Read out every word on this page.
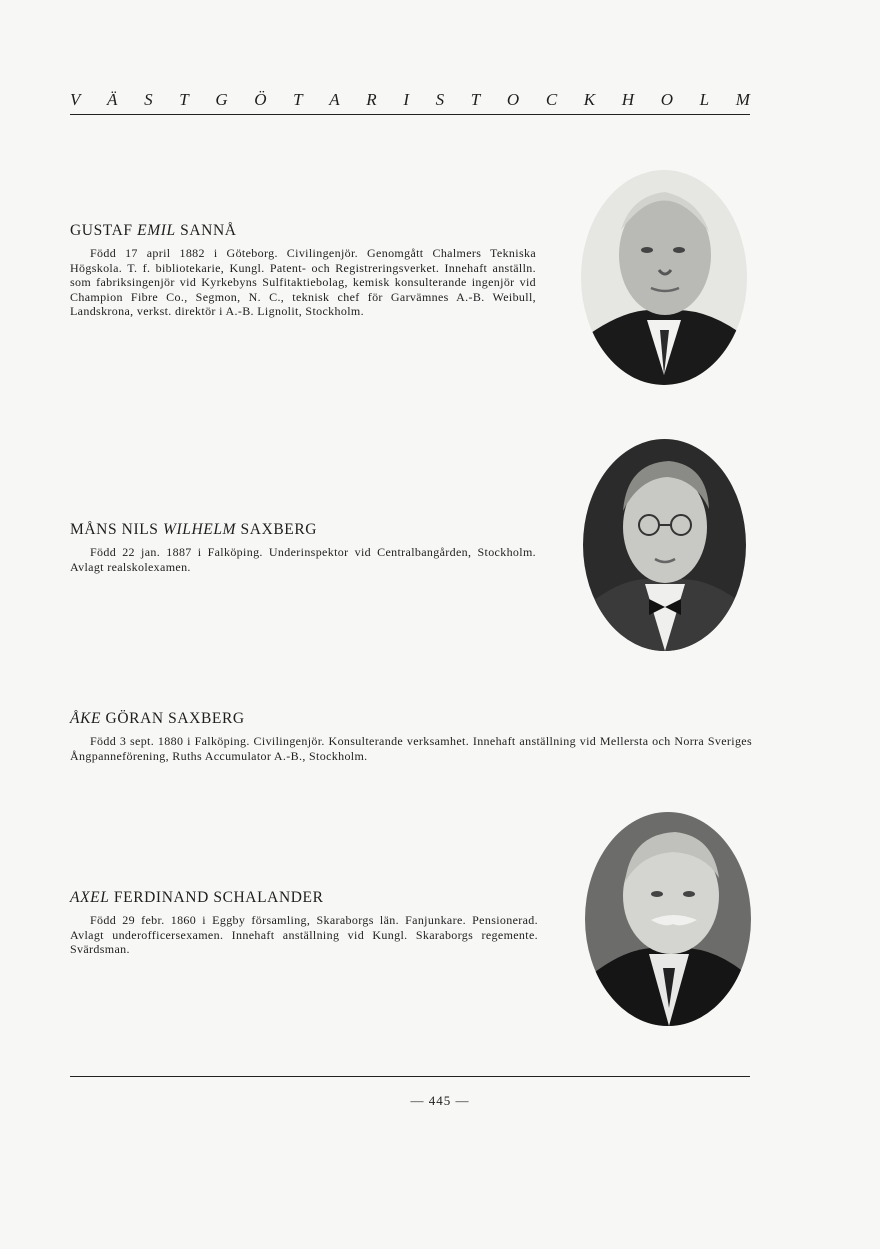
V Ä S T G Ö T A R I S T O C K H O L M
GUSTAF EMIL SANNÅ

Född 17 april 1882 i Göteborg. Civilingenjör. Genomgått Chalmers Tekniska Högskola. T. f. bibliotekarie, Kungl. Patent- och Registreringsverket. Innehaft anställn. som fabriksingenjör vid Kyrkebyns Sulfitaktiebolag, kemisk konsulterande ingenjör vid Champion Fibre Co., Segmon, N. C., teknisk chef för Garvämnes A.-B. Weibull, Landskrona, verkst. direktör i A.-B. Lignolit, Stockholm.

MÅNS NILS WILHELM SAXBERG

Född 22 jan. 1887 i Falköping. Underinspektor vid Centralbangården, Stockholm. Avlagt realskolexamen.

ÅKE GÖRAN SAXBERG

Född 3 sept. 1880 i Falköping. Civilingenjör. Konsulterande verksamhet. Innehaft anställning vid Mellersta och Norra Sveriges Ångpanneförening, Ruths Accumulator A.-B., Stockholm.

AXEL FERDINAND SCHALANDER

Född 29 febr. 1860 i Eggby församling, Skaraborgs län. Fanjunkare. Pensionerad. Avlagt underofficersexamen. Innehaft anställning vid Kungl. Skaraborgs regemente. Svärdsman.

— 445 —
